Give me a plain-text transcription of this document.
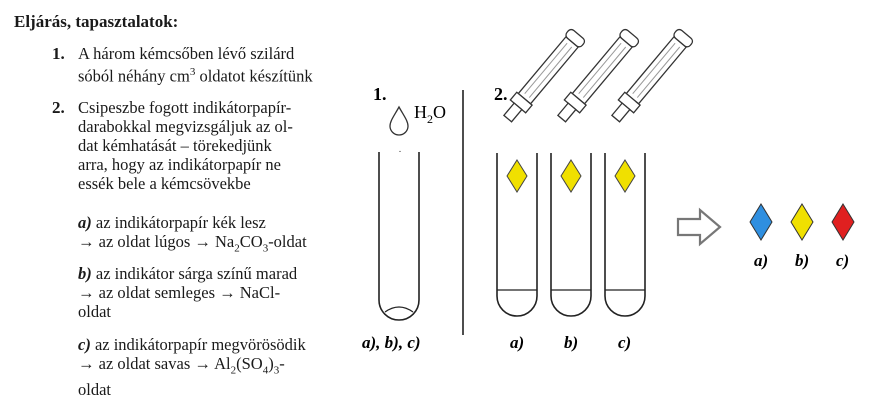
Eljárás, tapasztalatok:
1. A három kémcsőben lévő szilárd
sóból néhány $cm^3$ oldatot készítünk
2. Csipeszbe fogott indikátorpapír-
darabokkal megvizsgáljuk az ol-
dat kémhatását – törekedjünk
arra, hogy az indikátorpapír ne
essék bele a kémcsövekbe
a) az indikátorpapír kék lesz
→ az oldat lúgos → $Na_2CO_3$-oldat
b) az indikátor sárga színű marad
→ az oldat semleges → NaCl-
oldat
c) az indikátorpapír megvörösödik
→ az oldat savas → $Al_2(SO_4)_3-$
oldat
1.
$H_2O$
a), b), c)
2.
a) b) c)
a) b) c)
